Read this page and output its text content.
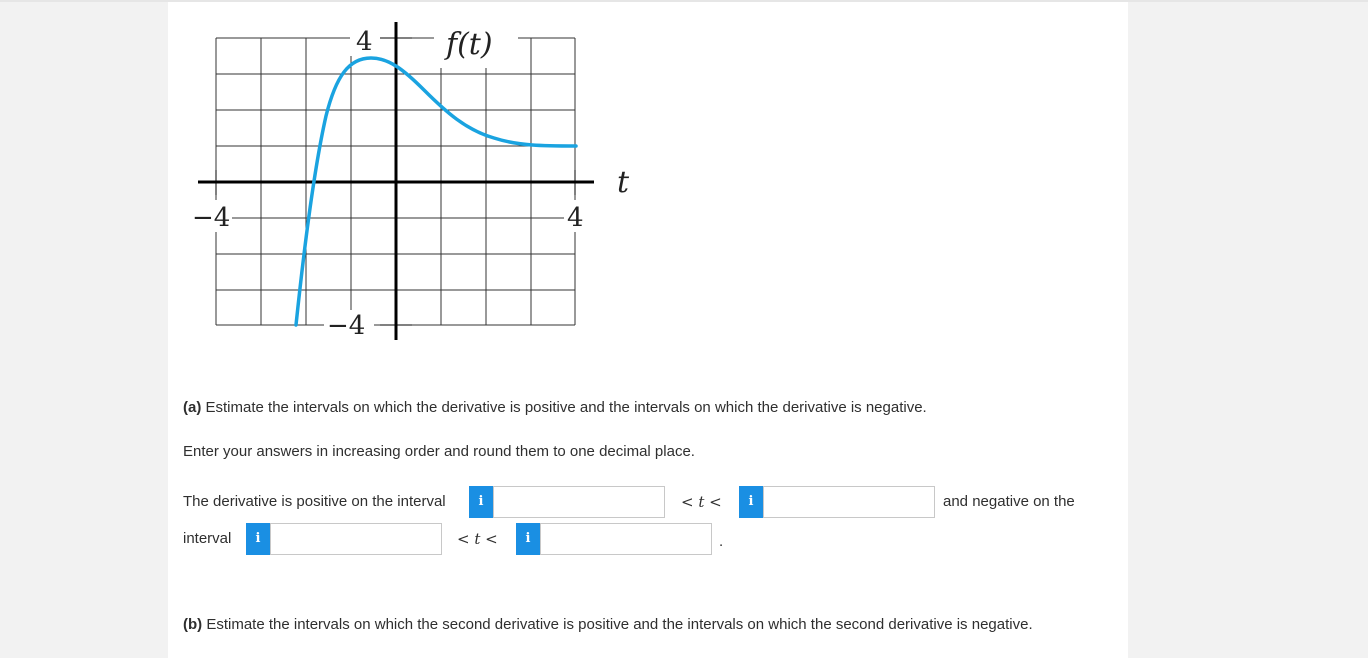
4 f(t)
t
−4	4
−4
(a) Estimate the intervals on which the derivative is positive and the intervals on which the derivative is negative.
Enter your answers in increasing order and round them to one decimal place.
The derivative is positive on the interval	i	< t <	i	and negative on the
interval	i	< t <	i	.
(b) Estimate the intervals on which the second derivative is positive and the intervals on which the second derivative is negative.
